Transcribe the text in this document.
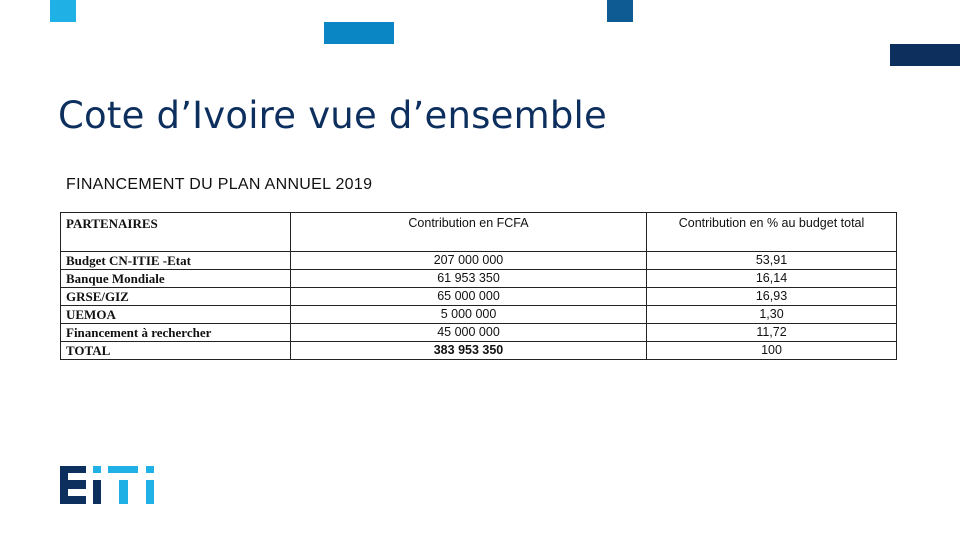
Cote d’Ivoire vue d’ensemble
FINANCEMENT DU PLAN ANNUEL 2019
PARTENAIRES	Contribution en FCFA	Contribution en % au budget total
Budget CN-ITIE -Etat	207 000 000	53,91
Banque Mondiale	61 953 350	16,14
GRSE/GIZ	65 000 000	16,93
UEMOA	5 000 000	1,30
Financement à rechercher	45 000 000	11,72
TOTAL	383 953 350	100
